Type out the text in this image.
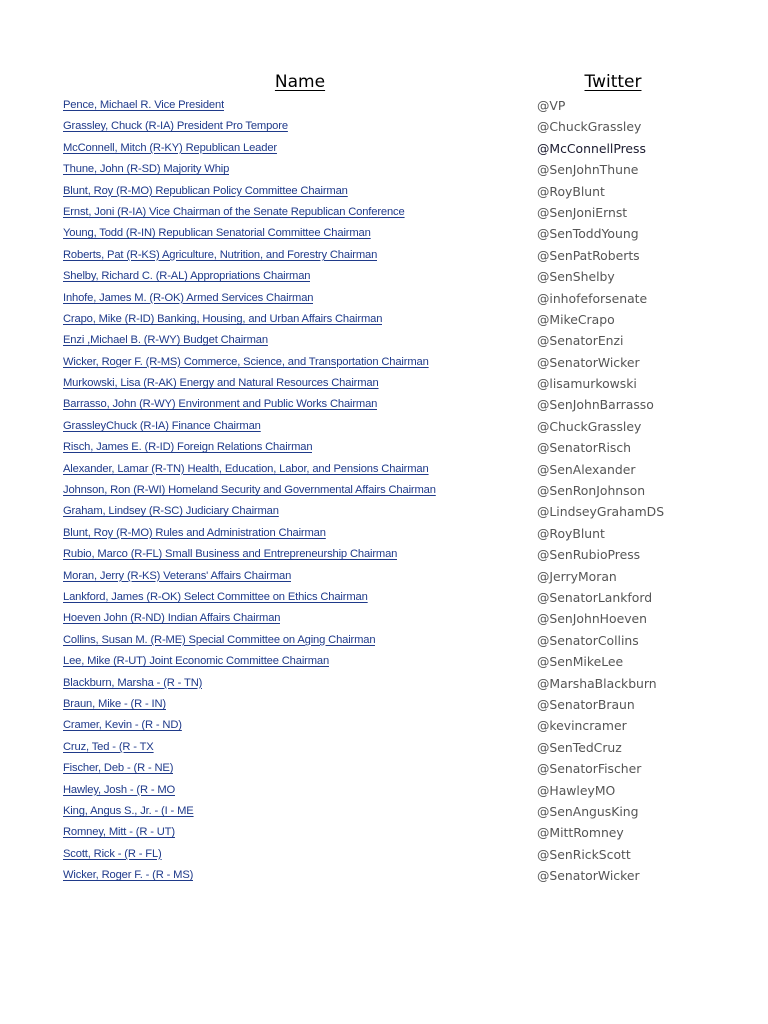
Name	Twitter
Pence, Michael R. Vice President	@VP
Grassley, Chuck (R-IA) President Pro Tempore	@ChuckGrassley
McConnell, Mitch (R-KY) Republican Leader	@McConnellPress
Thune, John (R-SD) Majority Whip	@SenJohnThune
Blunt, Roy (R-MO) Republican Policy Committee Chairman	@RoyBlunt
Ernst, Joni (R-IA) Vice Chairman of the Senate Republican Conference	@SenJoniErnst
Young, Todd (R-IN) Republican Senatorial Committee Chairman	@SenToddYoung
Roberts, Pat (R-KS) Agriculture, Nutrition, and Forestry Chairman	@SenPatRoberts
Shelby, Richard C. (R-AL) Appropriations Chairman	@SenShelby
Inhofe, James M. (R-OK) Armed Services Chairman	@inhofeforsenate
Crapo, Mike (R-ID) Banking, Housing, and Urban Affairs Chairman	@MikeCrapo
Enzi ,Michael B. (R-WY) Budget Chairman	@SenatorEnzi
Wicker, Roger F. (R-MS) Commerce, Science, and Transportation Chairman	@SenatorWicker
Murkowski, Lisa (R-AK) Energy and Natural Resources Chairman	@lisamurkowski
Barrasso, John (R-WY) Environment and Public Works Chairman	@SenJohnBarrasso
GrassleyChuck (R-IA) Finance Chairman	@ChuckGrassley
Risch, James E. (R-ID) Foreign Relations Chairman	@SenatorRisch
Alexander, Lamar (R-TN) Health, Education, Labor, and Pensions Chairman	@SenAlexander
Johnson, Ron (R-WI) Homeland Security and Governmental Affairs Chairman	@SenRonJohnson
Graham, Lindsey (R-SC) Judiciary Chairman	@LindseyGrahamDS
Blunt, Roy (R-MO) Rules and Administration Chairman	@RoyBlunt
Rubio, Marco (R-FL) Small Business and Entrepreneurship Chairman	@SenRubioPress
Moran, Jerry (R-KS) Veterans' Affairs Chairman	@JerryMoran
Lankford, James (R-OK) Select Committee on Ethics Chairman	@SenatorLankford
Hoeven John (R-ND) Indian Affairs Chairman	@SenJohnHoeven
Collins, Susan M. (R-ME) Special Committee on Aging Chairman	@SenatorCollins
Lee, Mike (R-UT) Joint Economic Committee Chairman	@SenMikeLee
Blackburn, Marsha - (R - TN)	@MarshaBlackburn
Braun, Mike - (R - IN)	@SenatorBraun
Cramer, Kevin - (R - ND)	@kevincramer
Cruz, Ted - (R - TX	@SenTedCruz
Fischer, Deb - (R - NE)	@SenatorFischer
Hawley, Josh - (R - MO	@HawleyMO
King, Angus S., Jr. - (I - ME	@SenAngusKing
Romney, Mitt - (R - UT)	@MittRomney
Scott, Rick - (R - FL)	@SenRickScott
Wicker, Roger F. - (R - MS)	@SenatorWicker
